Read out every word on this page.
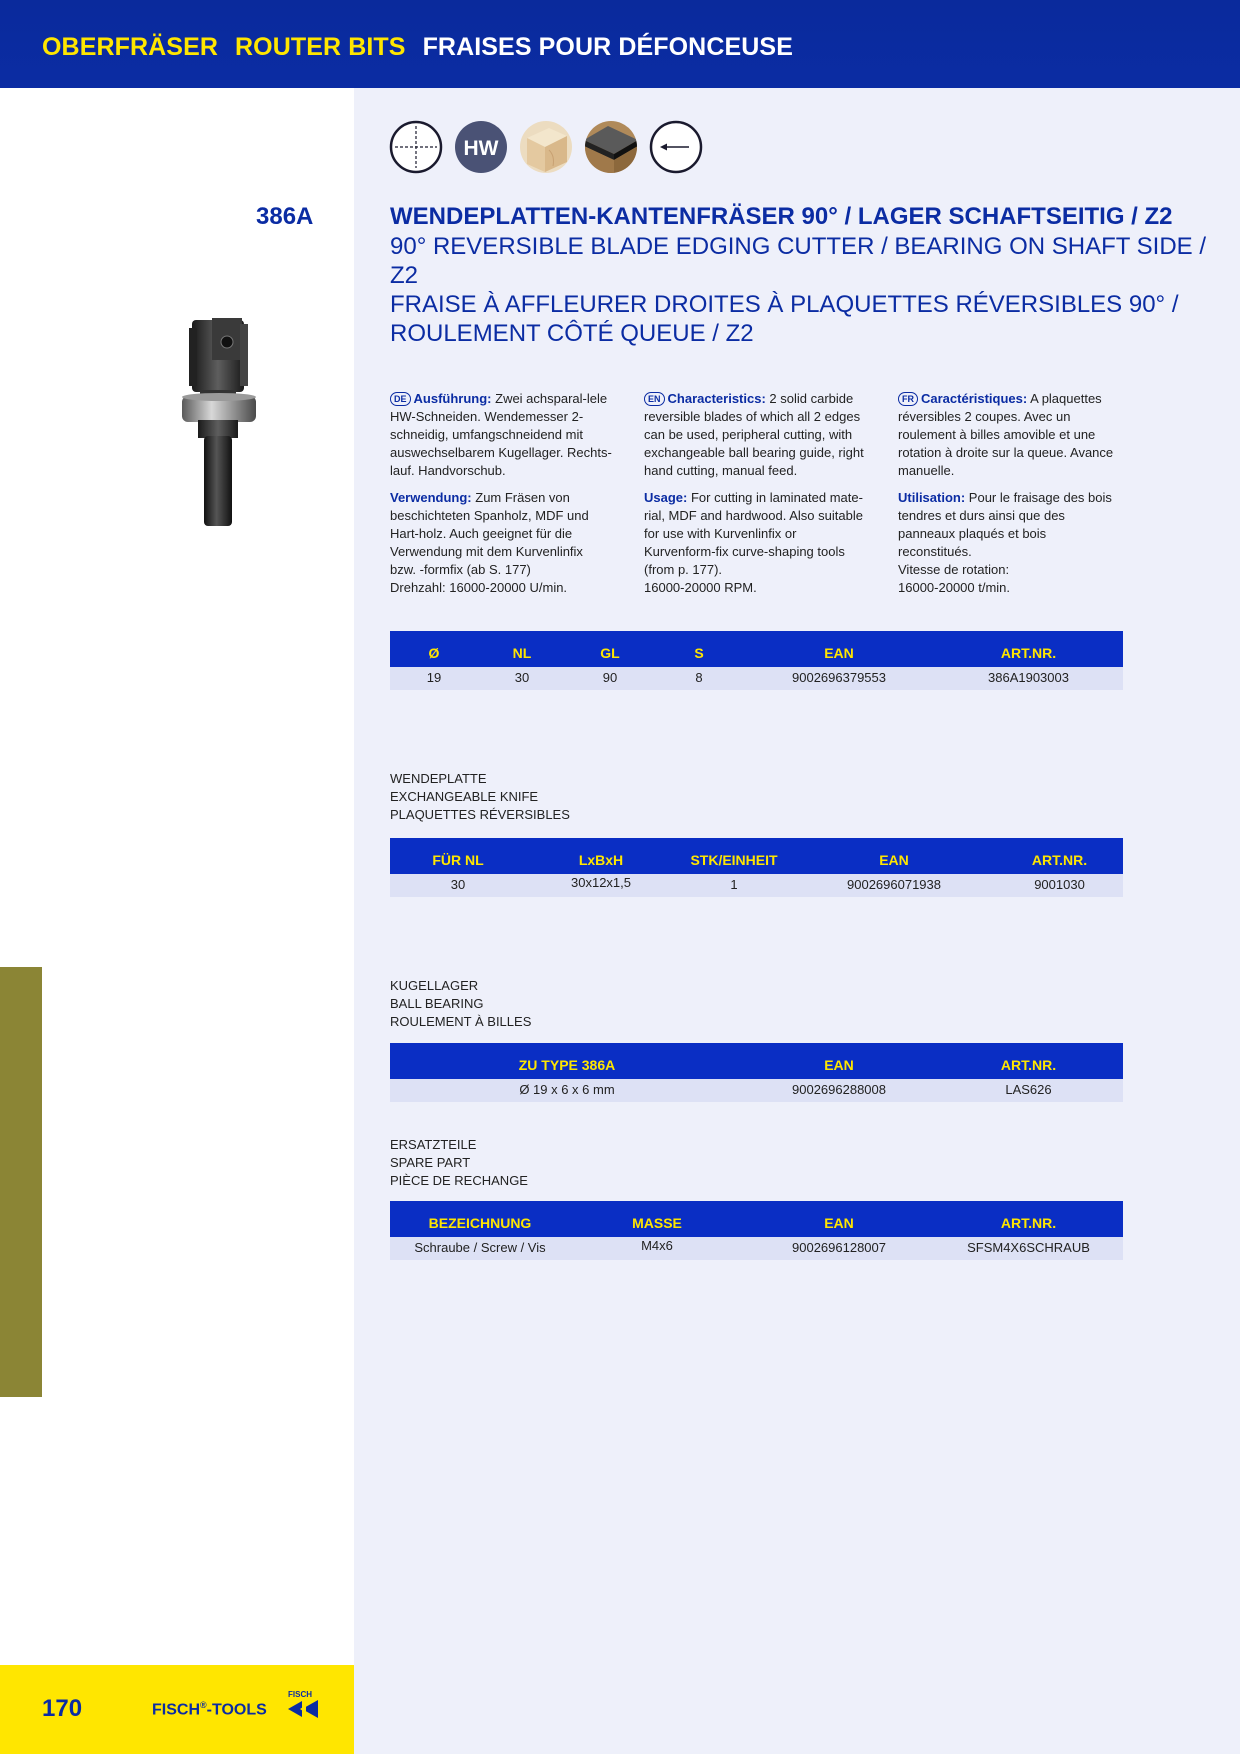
OBERFRÄSER ROUTER BITS FRAISES POUR DÉFONCEUSE
HW
386A	WENDEPLATTEN-KANTENFRÄSER 90° / LAGER SCHAFTSEITIG / Z2
90° REVERSIBLE BLADE EDGING CUTTER / BEARING ON SHAFT SIDE / Z2
FRAISE À AFFLEURER DROITES À PLAQUETTES RÉVERSIBLES 90° / ROULEMENT CÔTÉ QUEUE / Z2

DE Ausführung: Zwei achsparal-lele HW-Schneiden. Wendemesser 2-schneidig, umfangschneidend mit auswechselbarem Kugellager. Rechts-lauf. Handvorschub.

Verwendung: Zum Fräsen von beschichteten Spanholz, MDF und Hart-holz. Auch geeignet für die Verwendung mit dem Kurvenlinfix bzw. -formfix (ab S. 177)
Drehzahl: 16000-20000 U/min.

EN Characteristics: 2 solid carbide reversible blades of which all 2 edges can be used, peripheral cutting, with exchangeable ball bearing guide, right hand cutting, manual feed.

Usage: For cutting in laminated mate-rial, MDF and hardwood. Also suitable for use with Kurvenlinfix or Kurvenform-fix curve-shaping tools (from p. 177).
16000-20000 RPM.

FR Caractéristiques: A plaquettes réversibles 2 coupes. Avec un roulement à billes amovible et une rotation à droite sur la queue. Avance manuelle.

Utilisation: Pour le fraisage des bois tendres et durs ainsi que des panneaux plaqués et bois reconstitués.
Vitesse de rotation:
16000-20000 t/min.

Ø	NL	GL	S	EAN	ART.NR.
19	30	90	8	9002696379553	386A1903003
WENDEPLATTE
EXCHANGEABLE KNIFE
PLAQUETTES RÉVERSIBLES
FÜR NL	LxBxH	STK/EINHEIT	EAN	ART.NR.
30	30x12x1,5	1	9002696071938	9001030
KUGELLAGER
BALL BEARING
ROULEMENT À BILLES
ZU TYPE 386A	EAN	ART.NR.
Ø 19 x 6 x 6 mm	9002696288008	LAS626
ERSATZTEILE
SPARE PART
PIÈCE DE RECHANGE
BEZEICHNUNG	MASSE	EAN	ART.NR.
Schraube / Screw / Vis	M4x6	9002696128007	SFSM4X6SCHRAUB
170	FISCH®-TOOLS
FISCH
